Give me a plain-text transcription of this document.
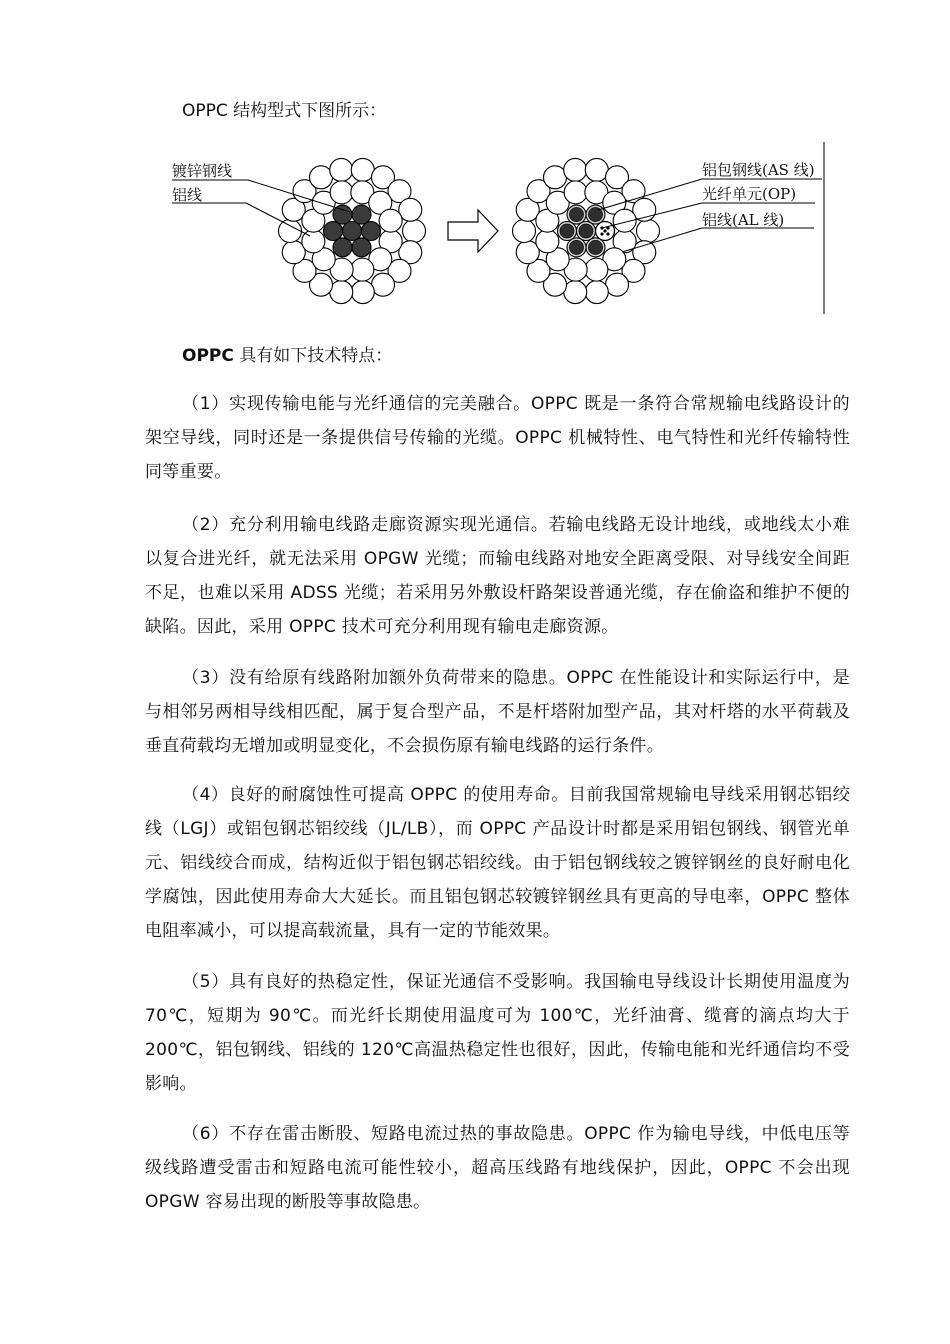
OPPC 结构型式下图所示：
镀锌钢线
铝线
铝包钢线(AS 线)
光纤单元(OP)
铝线(AL 线)
OPPC 具有如下技术特点：

（1）实现传输电能与光纤通信的完美融合。OPPC 既是一条符合常规输电线路设计的架空导线，同时还是一条提供信号传输的光缆。OPPC 机械特性、电气特性和光纤传输特性同等重要。

（2）充分利用输电线路走廊资源实现光通信。若输电线路无设计地线，或地线太小难以复合进光纤，就无法采用 OPGW 光缆；而输电线路对地安全距离受限、对导线安全间距不足，也难以采用 ADSS 光缆；若采用另外敷设杆路架设普通光缆，存在偷盗和维护不便的缺陷。因此，采用 OPPC 技术可充分利用现有输电走廊资源。

（3）没有给原有线路附加额外负荷带来的隐患。OPPC 在性能设计和实际运行中，是与相邻另两相导线相匹配，属于复合型产品，不是杆塔附加型产品，其对杆塔的水平荷载及垂直荷载均无增加或明显变化，不会损伤原有输电线路的运行条件。

（4）良好的耐腐蚀性可提高 OPPC 的使用寿命。目前我国常规输电导线采用钢芯铝绞线（LGJ）或铝包钢芯铝绞线（JL/LB），而 OPPC 产品设计时都是采用铝包钢线、钢管光单元、铝线绞合而成，结构近似于铝包钢芯铝绞线。由于铝包钢线较之镀锌钢丝的良好耐电化学腐蚀，因此使用寿命大大延长。而且铝包钢芯较镀锌钢丝具有更高的导电率，OPPC 整体电阻率减小，可以提高载流量，具有一定的节能效果。

（5）具有良好的热稳定性，保证光通信不受影响。我国输电导线设计长期使用温度为 70℃，短期为 90℃。而光纤长期使用温度可为 100℃，光纤油膏、缆膏的滴点均大于 200℃，铝包钢线、铝线的 120℃高温热稳定性也很好，因此，传输电能和光纤通信均不受影响。

（6）不存在雷击断股、短路电流过热的事故隐患。OPPC 作为输电导线，中低电压等级线路遭受雷击和短路电流可能性较小，超高压线路有地线保护，因此，OPPC 不会出现 OPGW 容易出现的断股等事故隐患。
